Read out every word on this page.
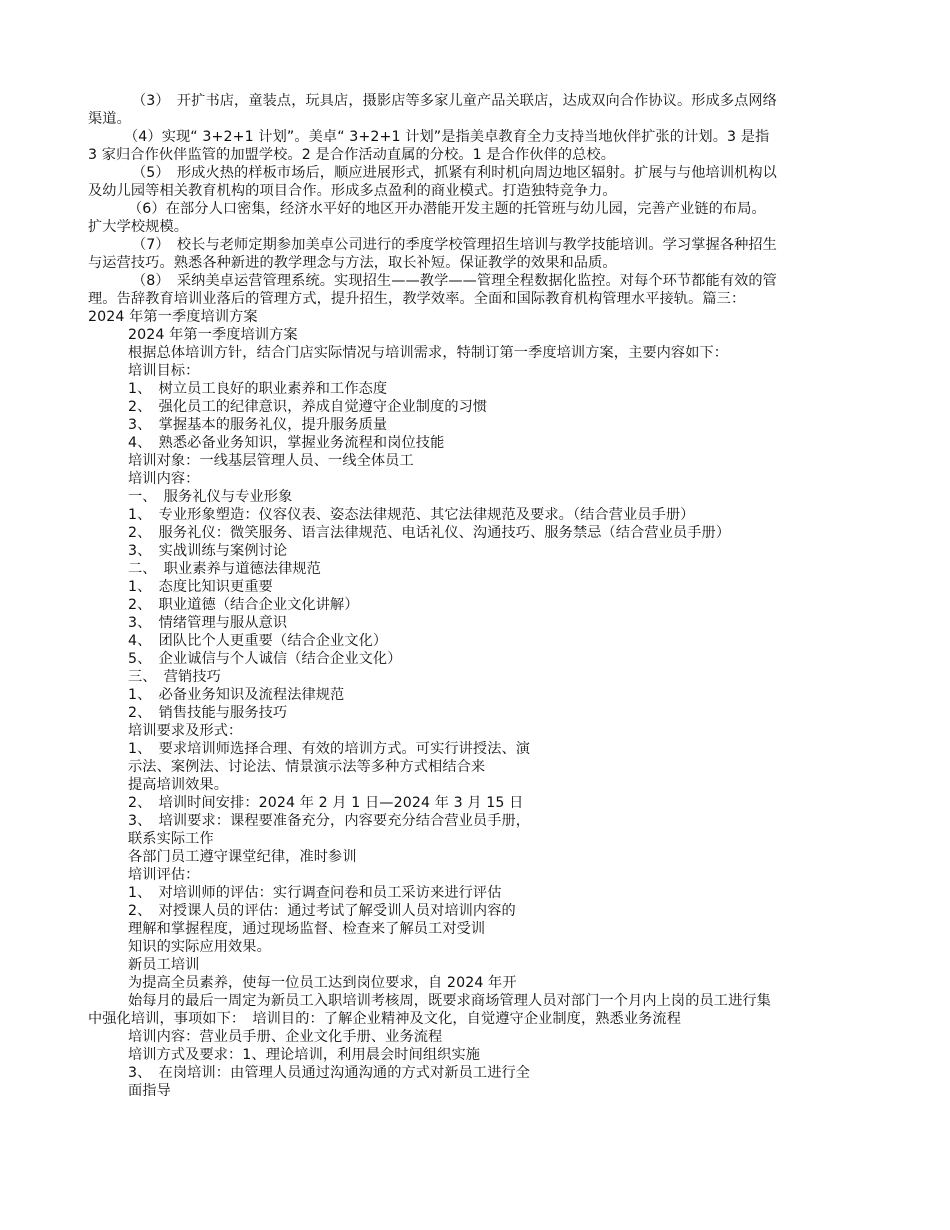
（3）　开扩书店，童装点，玩具店，摄影店等多家儿童产品关联店，达成双向合作协议。形成多点网络
渠道。
（4）实现“ 3+2+1 计划”。美卓“ 3+2+1 计划”是指美卓教育全力支持当地伙伴扩张的计划。3 是指
3 家归合作伙伴监管的加盟学校。2 是合作活动直属的分校。1 是合作伙伴的总校。
（5）　形成火热的样板市场后，顺应进展形式，抓紧有利时机向周边地区辐射。扩展与与他培训机构以
及幼儿园等相关教育机构的项目合作。形成多点盈利的商业模式。打造独特竞争力。
（6）在部分人口密集，经济水平好的地区开办潜能开发主题的托管班与幼儿园，完善产业链的布局。
扩大学校规模。
（7）　校长与老师定期参加美卓公司进行的季度学校管理招生培训与教学技能培训。学习掌握各种招生
与运营技巧。熟悉各种新进的教学理念与方法，取长补短。保证教学的效果和品质。
（8）　采纳美卓运营管理系统。实现招生——教学——管理全程数据化监控。对每个环节都能有效的管
理。告辞教育培训业落后的管理方式，提升招生，教学效率。全面和国际教育机构管理水平接轨。篇三：
2024 年第一季度培训方案
2024 年第一季度培训方案
根据总体培训方针，结合门店实际情况与培训需求，特制订第一季度培训方案，主要内容如下：
培训目标：
1、　树立员工良好的职业素养和工作态度
2、　强化员工的纪律意识，养成自觉遵守企业制度的习惯
3、　掌握基本的服务礼仪，提升服务质量
4、　熟悉必备业务知识，掌握业务流程和岗位技能
培训对象：一线基层管理人员、一线全体员工
培训内容：
一、　服务礼仪与专业形象
1、　专业形象塑造：仪容仪表、姿态法律规范、其它法律规范及要求。（结合营业员手册）
2、　服务礼仪：微笑服务、语言法律规范、电话礼仪、沟通技巧、服务禁忌（结合营业员手册）
3、　实战训练与案例讨论
二、　职业素养与道德法律规范
1、　态度比知识更重要
2、　职业道德（结合企业文化讲解）
3、　情绪管理与服从意识
4、　团队比个人更重要（结合企业文化）
5、　企业诚信与个人诚信（结合企业文化）
三、　营销技巧
1、　必备业务知识及流程法律规范
2、　销售技能与服务技巧
培训要求及形式：
1、　要求培训师选择合理、有效的培训方式。可实行讲授法、演
示法、案例法、讨论法、情景演示法等多种方式相结合来
提高培训效果。
2、　培训时间安排：2024 年 2 月 1 日—2024 年 3 月 15 日
3、　培训要求：课程要准备充分，内容要充分结合营业员手册，
联系实际工作
各部门员工遵守课堂纪律，准时参训
培训评估：
1、　对培训师的评估：实行调查问卷和员工采访来进行评估
2、　对授课人员的评估：通过考试了解受训人员对培训内容的
理解和掌握程度，通过现场监督、检查来了解员工对受训
知识的实际应用效果。
新员工培训
为提高全员素养，使每一位员工达到岗位要求，自 2024 年开
始每月的最后一周定为新员工入职培训考核周，既要求商场管理人员对部门一个月内上岗的员工进行集
中强化培训，事项如下：　培训目的：了解企业精神及文化，自觉遵守企业制度，熟悉业务流程
培训内容：营业员手册、企业文化手册、业务流程
培训方式及要求：1、理论培训，利用晨会时间组织实施
3、　在岗培训：由管理人员通过沟通沟通的方式对新员工进行全
面指导
